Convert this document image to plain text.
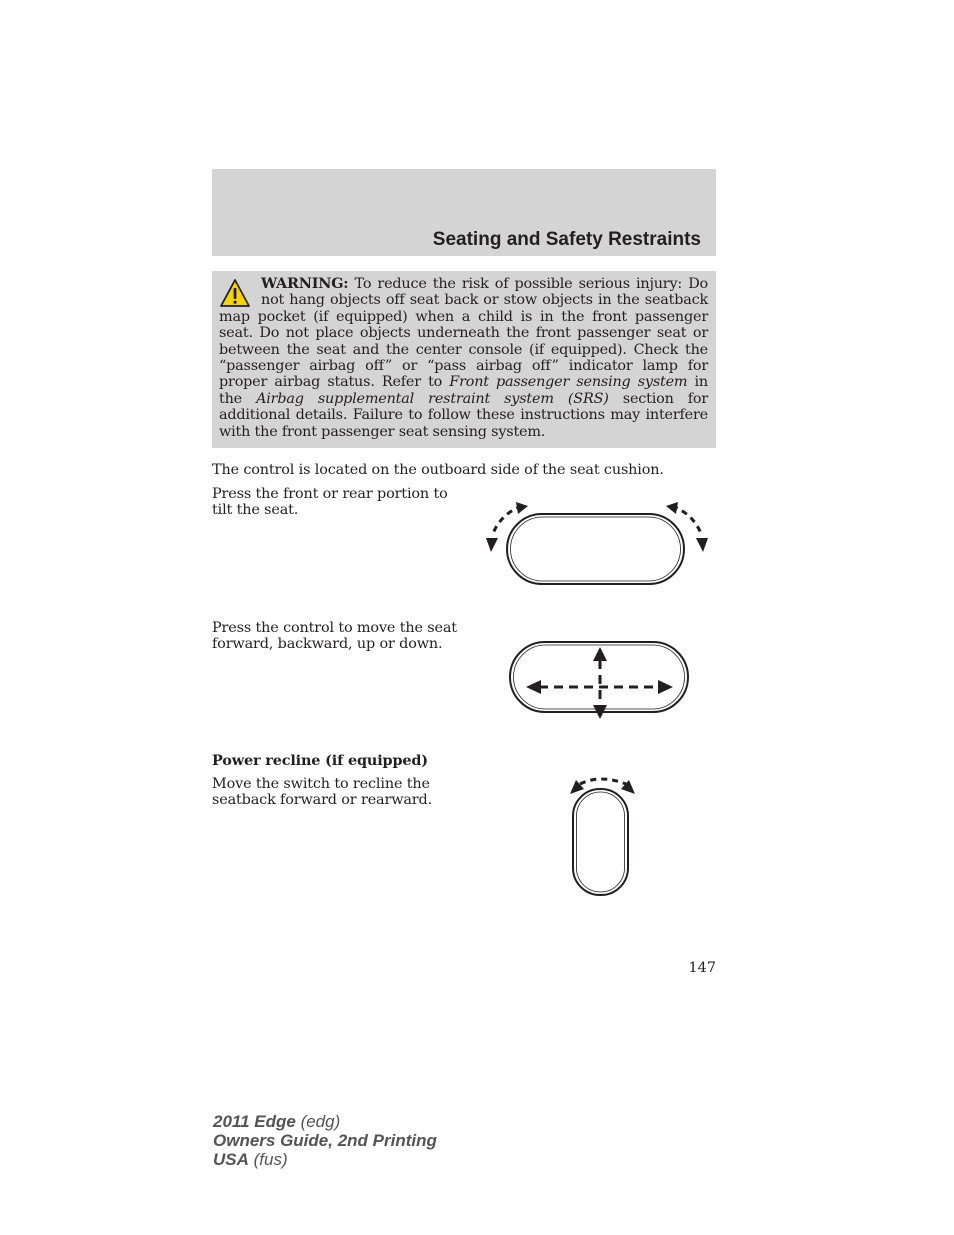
Seating and Safety Restraints

WARNING: To reduce the risk of possible serious injury: Do not hang objects off seat back or stow objects in the seatback map pocket (if equipped) when a child is in the front passenger seat. Do not place objects underneath the front passenger seat or between the seat and the center console (if equipped). Check the “passenger airbag off” or “pass airbag off” indicator lamp for proper airbag status. Refer to Front passenger sensing system in the Airbag supplemental restraint system (SRS) section for additional details. Failure to follow these instructions may interfere with the front passenger seat sensing system.

The control is located on the outboard side of the seat cushion.

Press the front or rear portion to tilt the seat.

Press the control to move the seat forward, backward, up or down.

Power recline (if equipped)

Move the switch to recline the seatback forward or rearward.

147
2011 Edge (edg)
Owners Guide, 2nd Printing
USA (fus)
